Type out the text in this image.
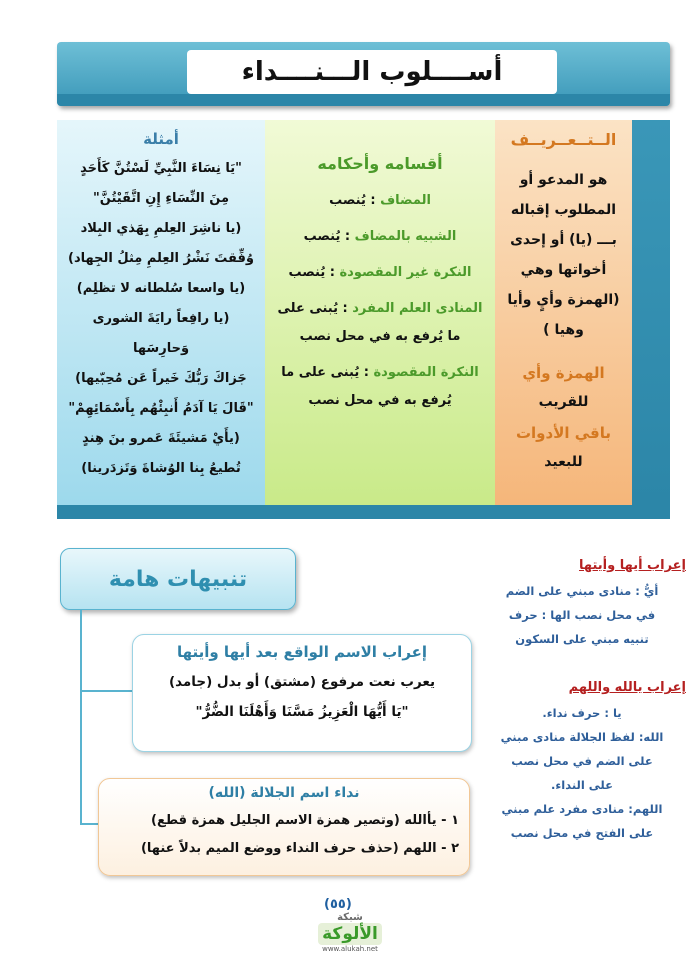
أســــلوب الـــنــــداء
الــتــعــريــف
هو المدعو أو
المطلوب إقباله
بـــ (يا) أو إحدى
أخواتها وهي
(الهمزة وأيٍ وأيا
وهيا )
الهمزة وأي
للقريب
باقي الأدوات
للبعيد
أقسامه وأحكامه
المضاف : يُنصب
الشبيه بالمضاف : يُنصب
النكرة غير المقصودة : يُنصب
المنادى العلم المفرد : يُبنى على
ما يُرفع به في محل نصب
النكرة المقصودة : يُبنى على ما
يُرفع به في محل نصب
أمثلة
"يَا نِسَاءَ النَّبِيِّ لَسْتُنَّ كَأَحَدٍ
مِنَ النِّسَاءِ إِنِ اتَّقَيْتُنَّ"
(يا ناشِرَ العِلمِ بِهَذي البِلاد
وُفِّقتَ نَشْرُ العِلمِ مِثلُ الجِهاد)
(يا واسعا سُلطانه لا تظلِم)
(يا رافِعاً رايَةَ الشورى
وَحارِسَها
جَزاكَ رَبُّكَ خَيراً عَن مُحِبّيها)
"قَالَ يَا آدَمُ أَنبِئْهُم بِأَسْمَائِهِمْ"
(يأَيْ مَشيئَةَ عَمرو بنَ هِندٍ
تُطيعُ بِنا الوُشاةَ وَتَزدَرينا)
تنبيهات هامة
إعراب الاسم الواقع بعد أيها وأيتها
يعرب نعت مرفوع (مشتق) أو بدل (جامد)
"يَا أَيُّهَا الْعَزِيزُ مَسَّنَا وَأَهْلَنَا الضُّرُّ"
نداء اسم الجلالة (الله)
١ - يأالله (وتصير همزة الاسم الجليل همزة قطع)
٢ - اللهم (حذف حرف النداء ووضع الميم بدلاً عنها)
إعراب أيها وأيتها
أيُّ : منادى مبني على الضم
في محل نصب الها : حرف
تنبيه مبني على السكون
إعراب يالله واللهم
يا : حرف نداء.
الله: لفظ الجلالة منادى مبني
على الضم في محل نصب
على النداء.
اللهم: منادى مفرد علم مبني
على الفتح في محل نصب
(٥٥)
شبكة
الألوكة
www.alukah.net
